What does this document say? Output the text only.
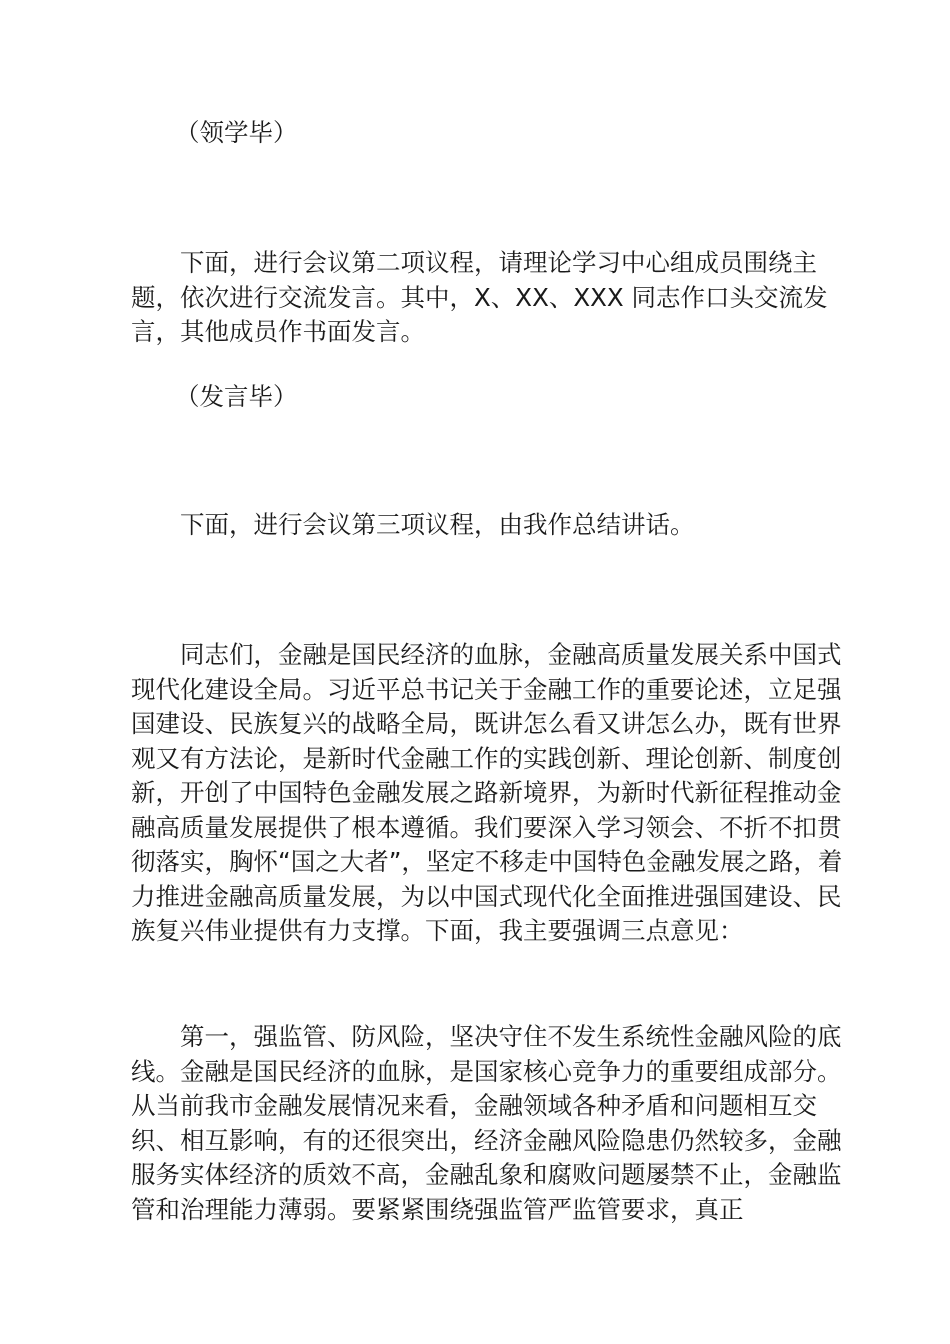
（领学毕）

下面，进行会议第二项议程，请理论学习中心组成员围绕主题，依次进行交流发言。其中，X、XX、XXX 同志作口头交流发言，其他成员作书面发言。

（发言毕）

下面，进行会议第三项议程，由我作总结讲话。

同志们，金融是国民经济的血脉，金融高质量发展关系中国式现代化建设全局。习近平总书记关于金融工作的重要论述，立足强国建设、民族复兴的战略全局，既讲怎么看又讲怎么办，既有世界观又有方法论，是新时代金融工作的实践创新、理论创新、制度创新，开创了中国特色金融发展之路新境界，为新时代新征程推动金融高质量发展提供了根本遵循。我们要深入学习领会、不折不扣贯彻落实，胸怀“国之大者”，坚定不移走中国特色金融发展之路，着力推进金融高质量发展，为以中国式现代化全面推进强国建设、民族复兴伟业提供有力支撑。下面，我主要强调三点意见：

第一，强监管、防风险，坚决守住不发生系统性金融风险的底线。金融是国民经济的血脉，是国家核心竞争力的重要组成部分。从当前我市金融发展情况来看，金融领域各种矛盾和问题相互交织、相互影响，有的还很突出，经济金融风险隐患仍然较多，金融服务实体经济的质效不高，金融乱象和腐败问题屡禁不止，金融监管和治理能力薄弱。要紧紧围绕强监管严监管要求，真正
